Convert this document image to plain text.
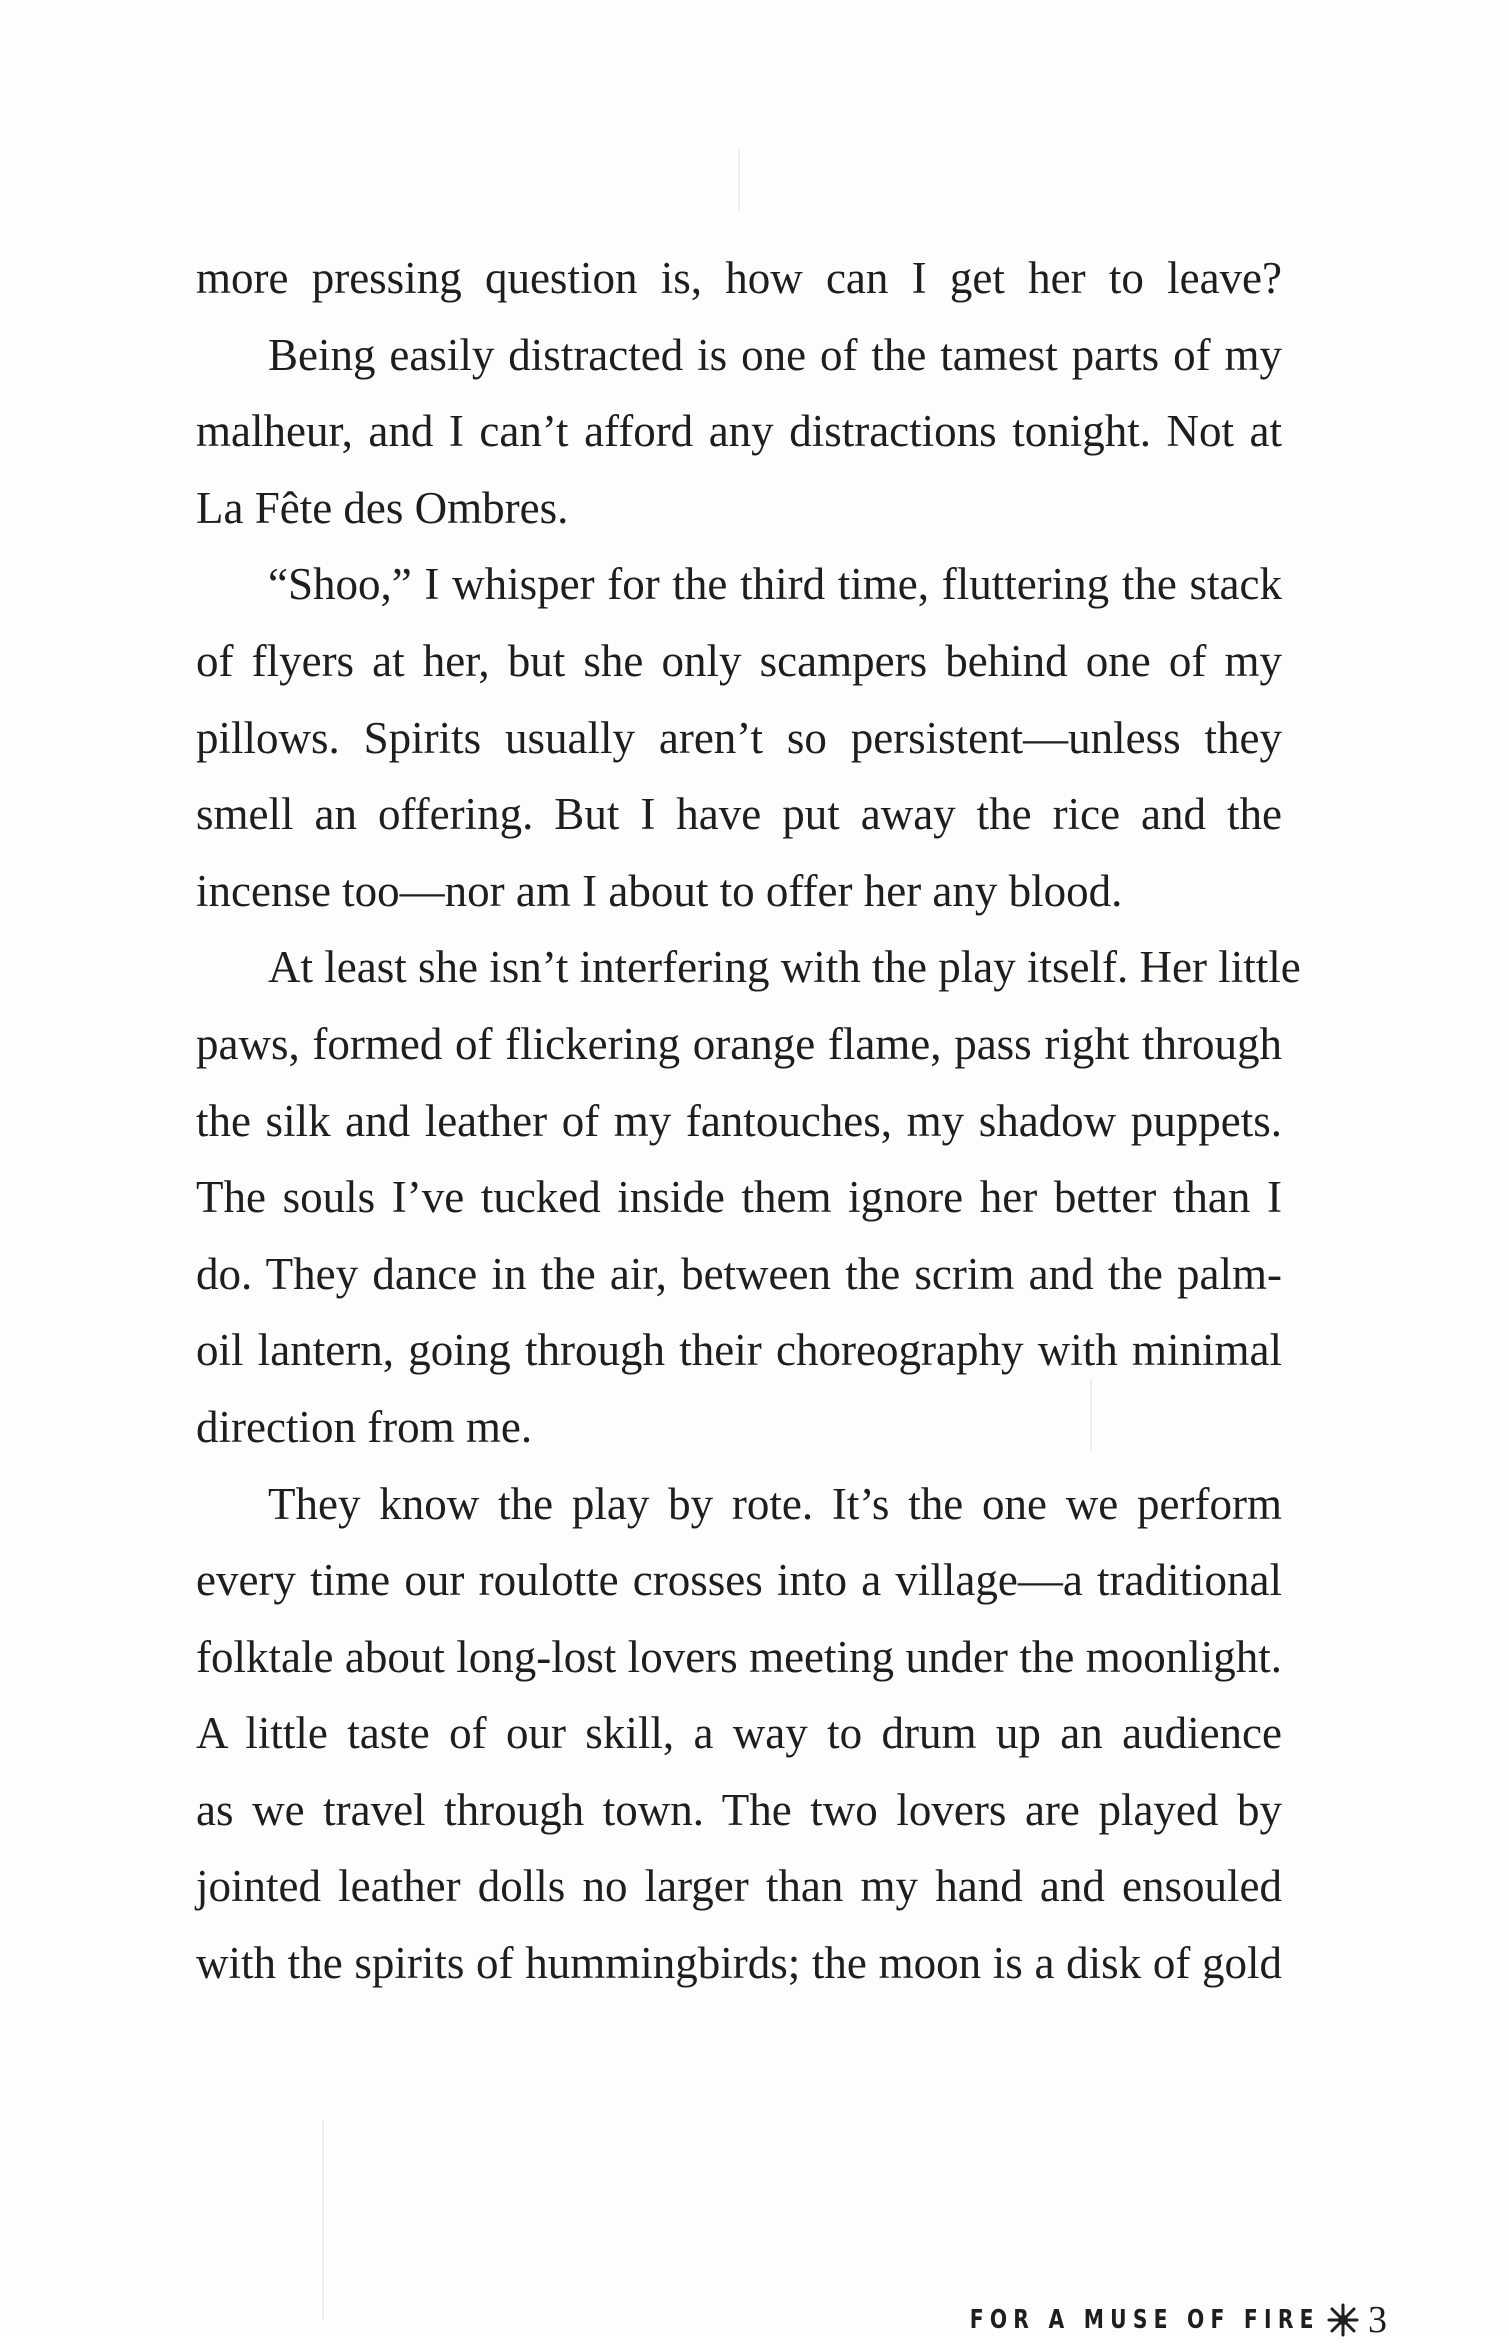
more pressing question is, how can I get her to leave?
Being easily distracted is one of the tamest parts of my
malheur, and I can’t afford any distractions tonight. Not at
La Fête des Ombres.
“Shoo,” I whisper for the third time, fluttering the stack
of flyers at her, but she only scampers behind one of my
pillows. Spirits usually aren’t so persistent—unless they
smell an offering. But I have put away the rice and the
incense too—nor am I about to offer her any blood.
At least she isn’t interfering with the play itself. Her little
paws, formed of flickering orange flame, pass right through
the silk and leather of my fantouches, my shadow puppets.
The souls I’ve tucked inside them ignore her better than I
do. They dance in the air, between the scrim and the palm-
oil lantern, going through their choreography with minimal
direction from me.
They know the play by rote. It’s the one we perform
every time our roulotte crosses into a village—a traditional
folktale about long-lost lovers meeting under the moonlight.
A little taste of our skill, a way to drum up an audience
as we travel through town. The two lovers are played by
jointed leather dolls no larger than my hand and ensouled
with the spirits of hummingbirds; the moon is a disk of gold
FOR A MUSE OF FIRE 3
